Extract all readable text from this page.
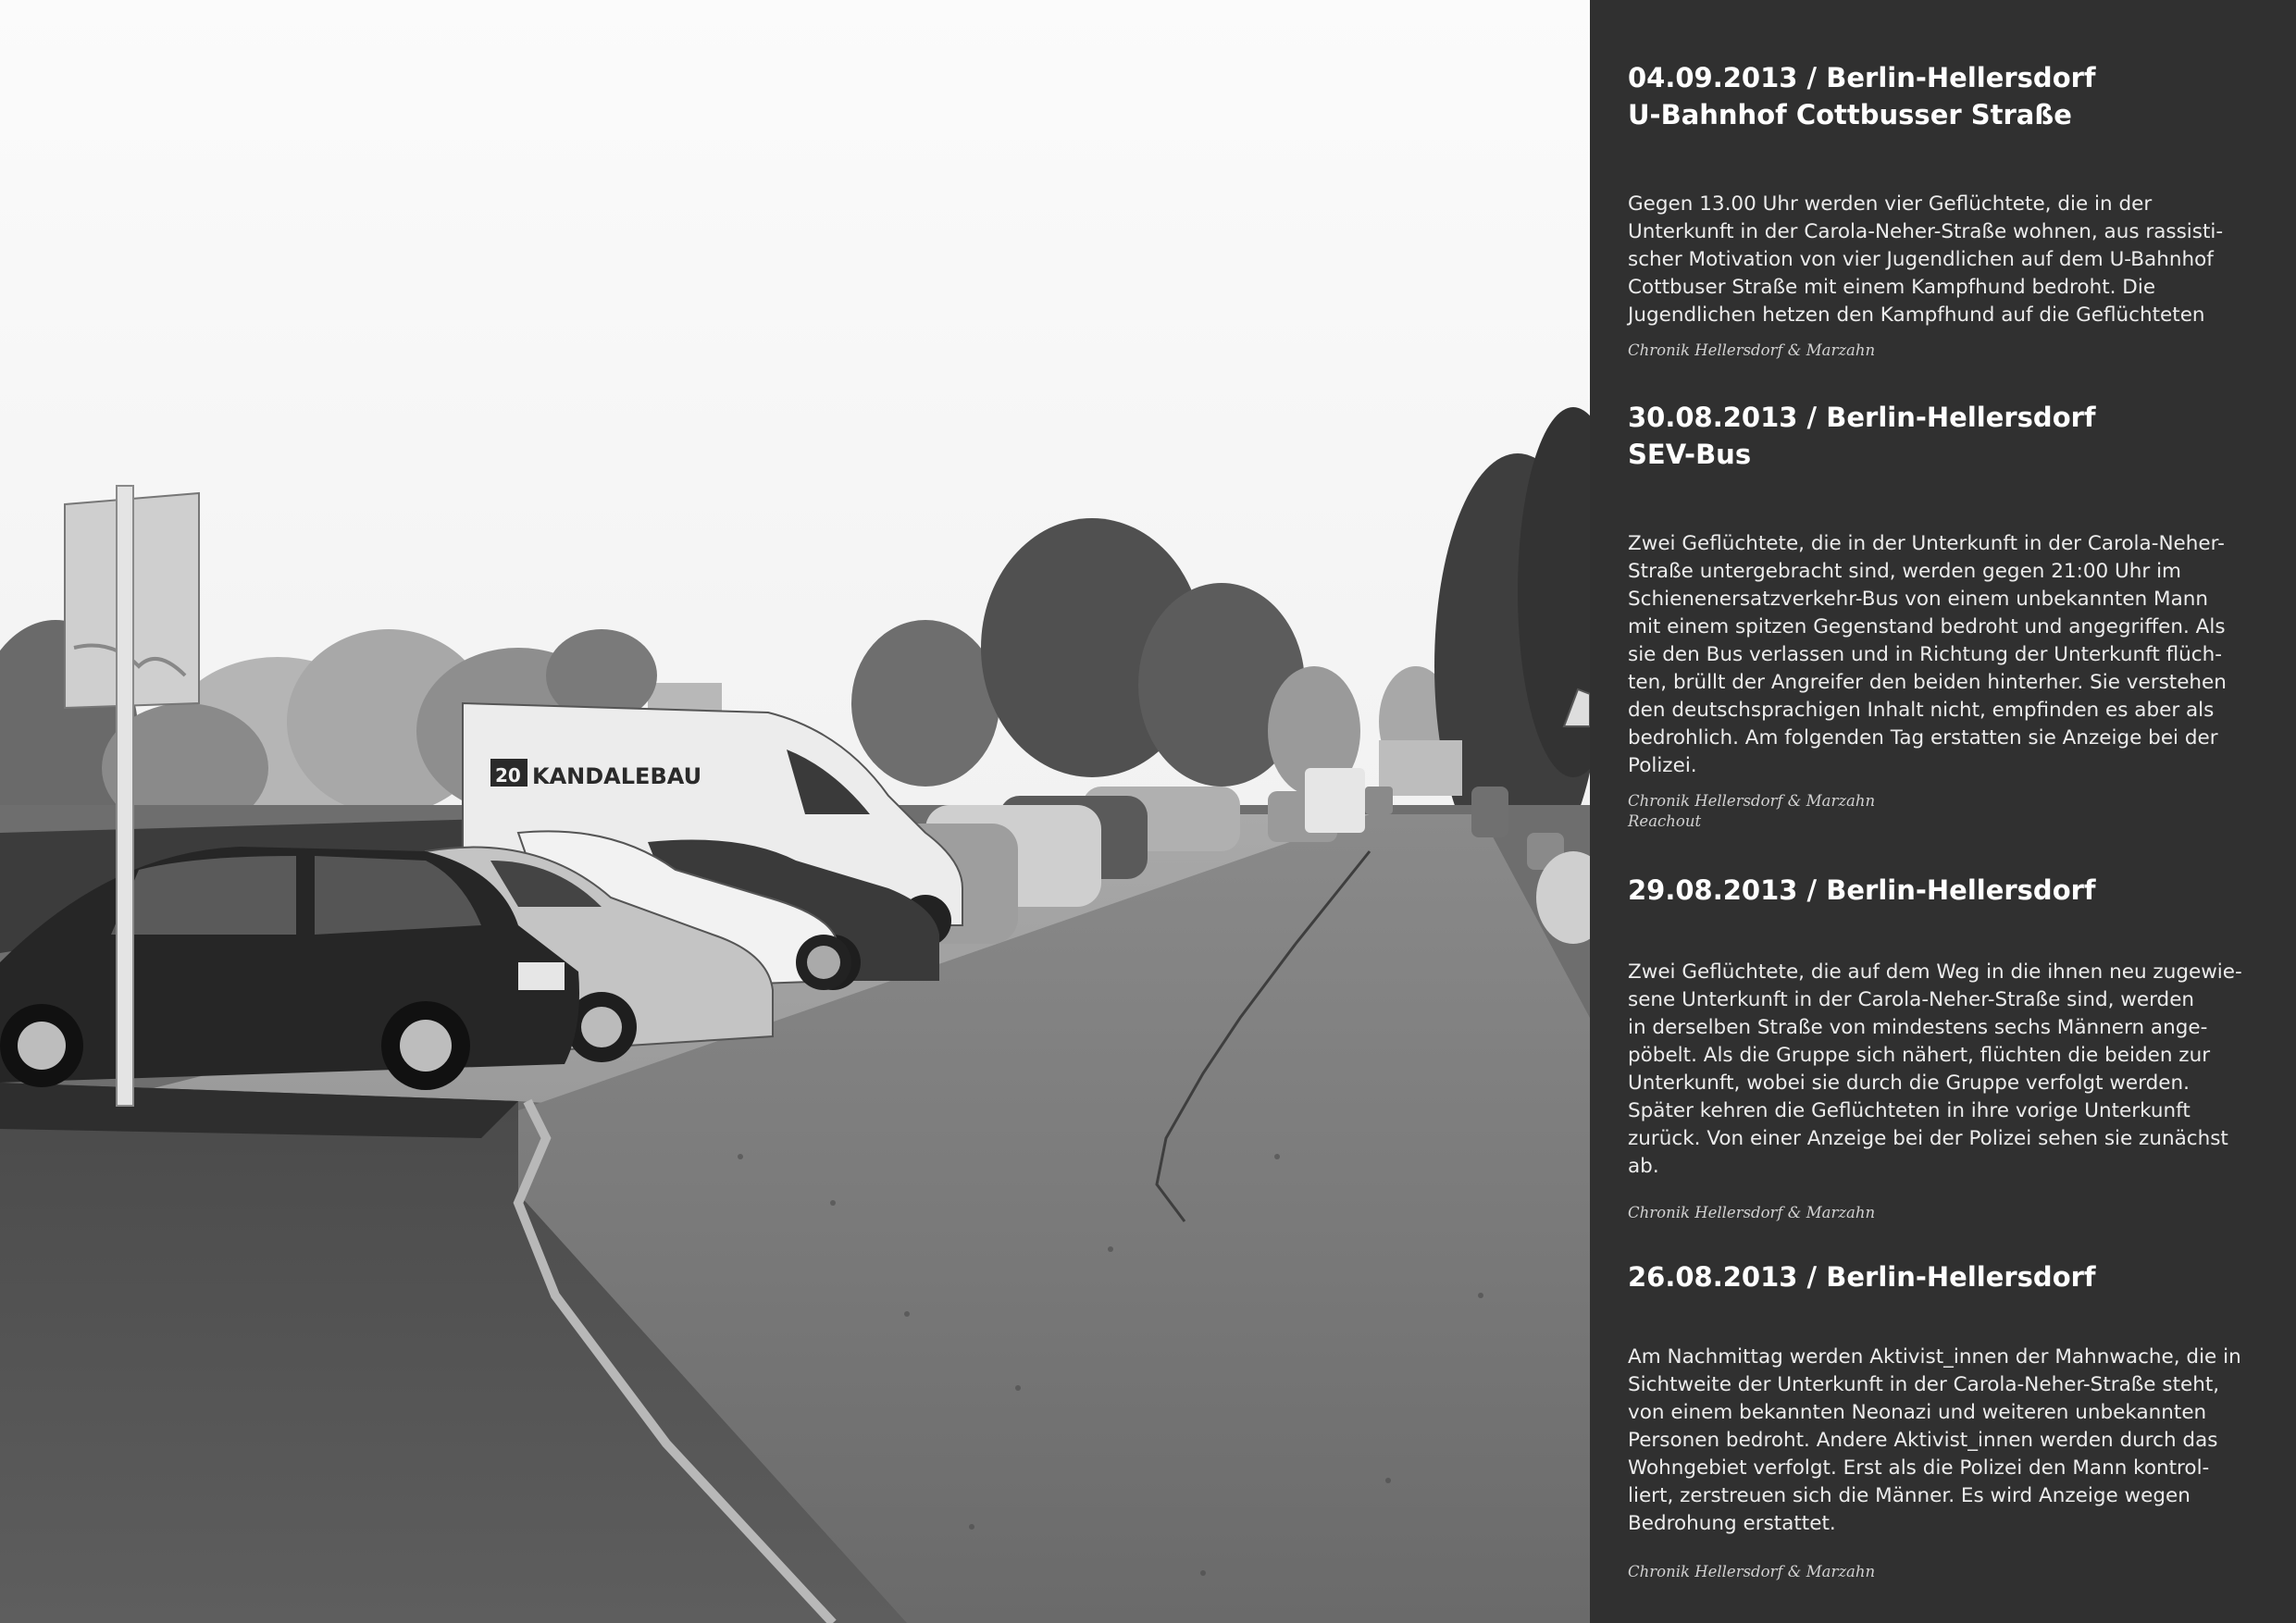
KANDALEBAU
20
04.09.2013 / Berlin-Hellersdorf
U-Bahnhof Cottbusser Straße
Gegen 13.00 Uhr werden vier Geflüchtete, die in der
Unterkunft in der Carola-Neher-Straße wohnen, aus rassisti-
scher Motivation von vier Jugendlichen auf dem U-Bahnhof
Cottbuser Straße mit einem Kampfhund bedroht. Die
Jugendlichen hetzen den Kampfhund auf die Geflüchteten
Chronik Hellersdorf & Marzahn
30.08.2013 / Berlin-Hellersdorf
SEV-Bus
Zwei Geflüchtete, die in der Unterkunft in der Carola-Neher-
Straße untergebracht sind, werden gegen 21:00 Uhr im
Schienenersatzverkehr-Bus von einem unbekannten Mann
mit einem spitzen Gegenstand bedroht und angegriffen. Als
sie den Bus verlassen und in Richtung der Unterkunft flüch-
ten, brüllt der Angreifer den beiden hinterher. Sie verstehen
den deutschsprachigen Inhalt nicht, empfinden es aber als
bedrohlich. Am folgenden Tag erstatten sie Anzeige bei der
Polizei.
Chronik Hellersdorf & Marzahn
Reachout
29.08.2013 / Berlin-Hellersdorf
Zwei Geflüchtete, die auf dem Weg in die ihnen neu zugewie-
sene Unterkunft in der Carola-Neher-Straße sind, werden
in derselben Straße von mindestens sechs Männern ange-
pöbelt. Als die Gruppe sich nähert, flüchten die beiden zur
Unterkunft, wobei sie durch die Gruppe verfolgt werden.
Später kehren die Geflüchteten in ihre vorige Unterkunft
zurück. Von einer Anzeige bei der Polizei sehen sie zunächst
ab.
Chronik Hellersdorf & Marzahn
26.08.2013 / Berlin-Hellersdorf
Am Nachmittag werden Aktivist_innen der Mahnwache, die in
Sichtweite der Unterkunft in der Carola-Neher-Straße steht,
von einem bekannten Neonazi und weiteren unbekannten
Personen bedroht. Andere Aktivist_innen werden durch das
Wohngebiet verfolgt. Erst als die Polizei den Mann kontrol-
liert, zerstreuen sich die Männer. Es wird Anzeige wegen
Bedrohung erstattet.
Chronik Hellersdorf & Marzahn
